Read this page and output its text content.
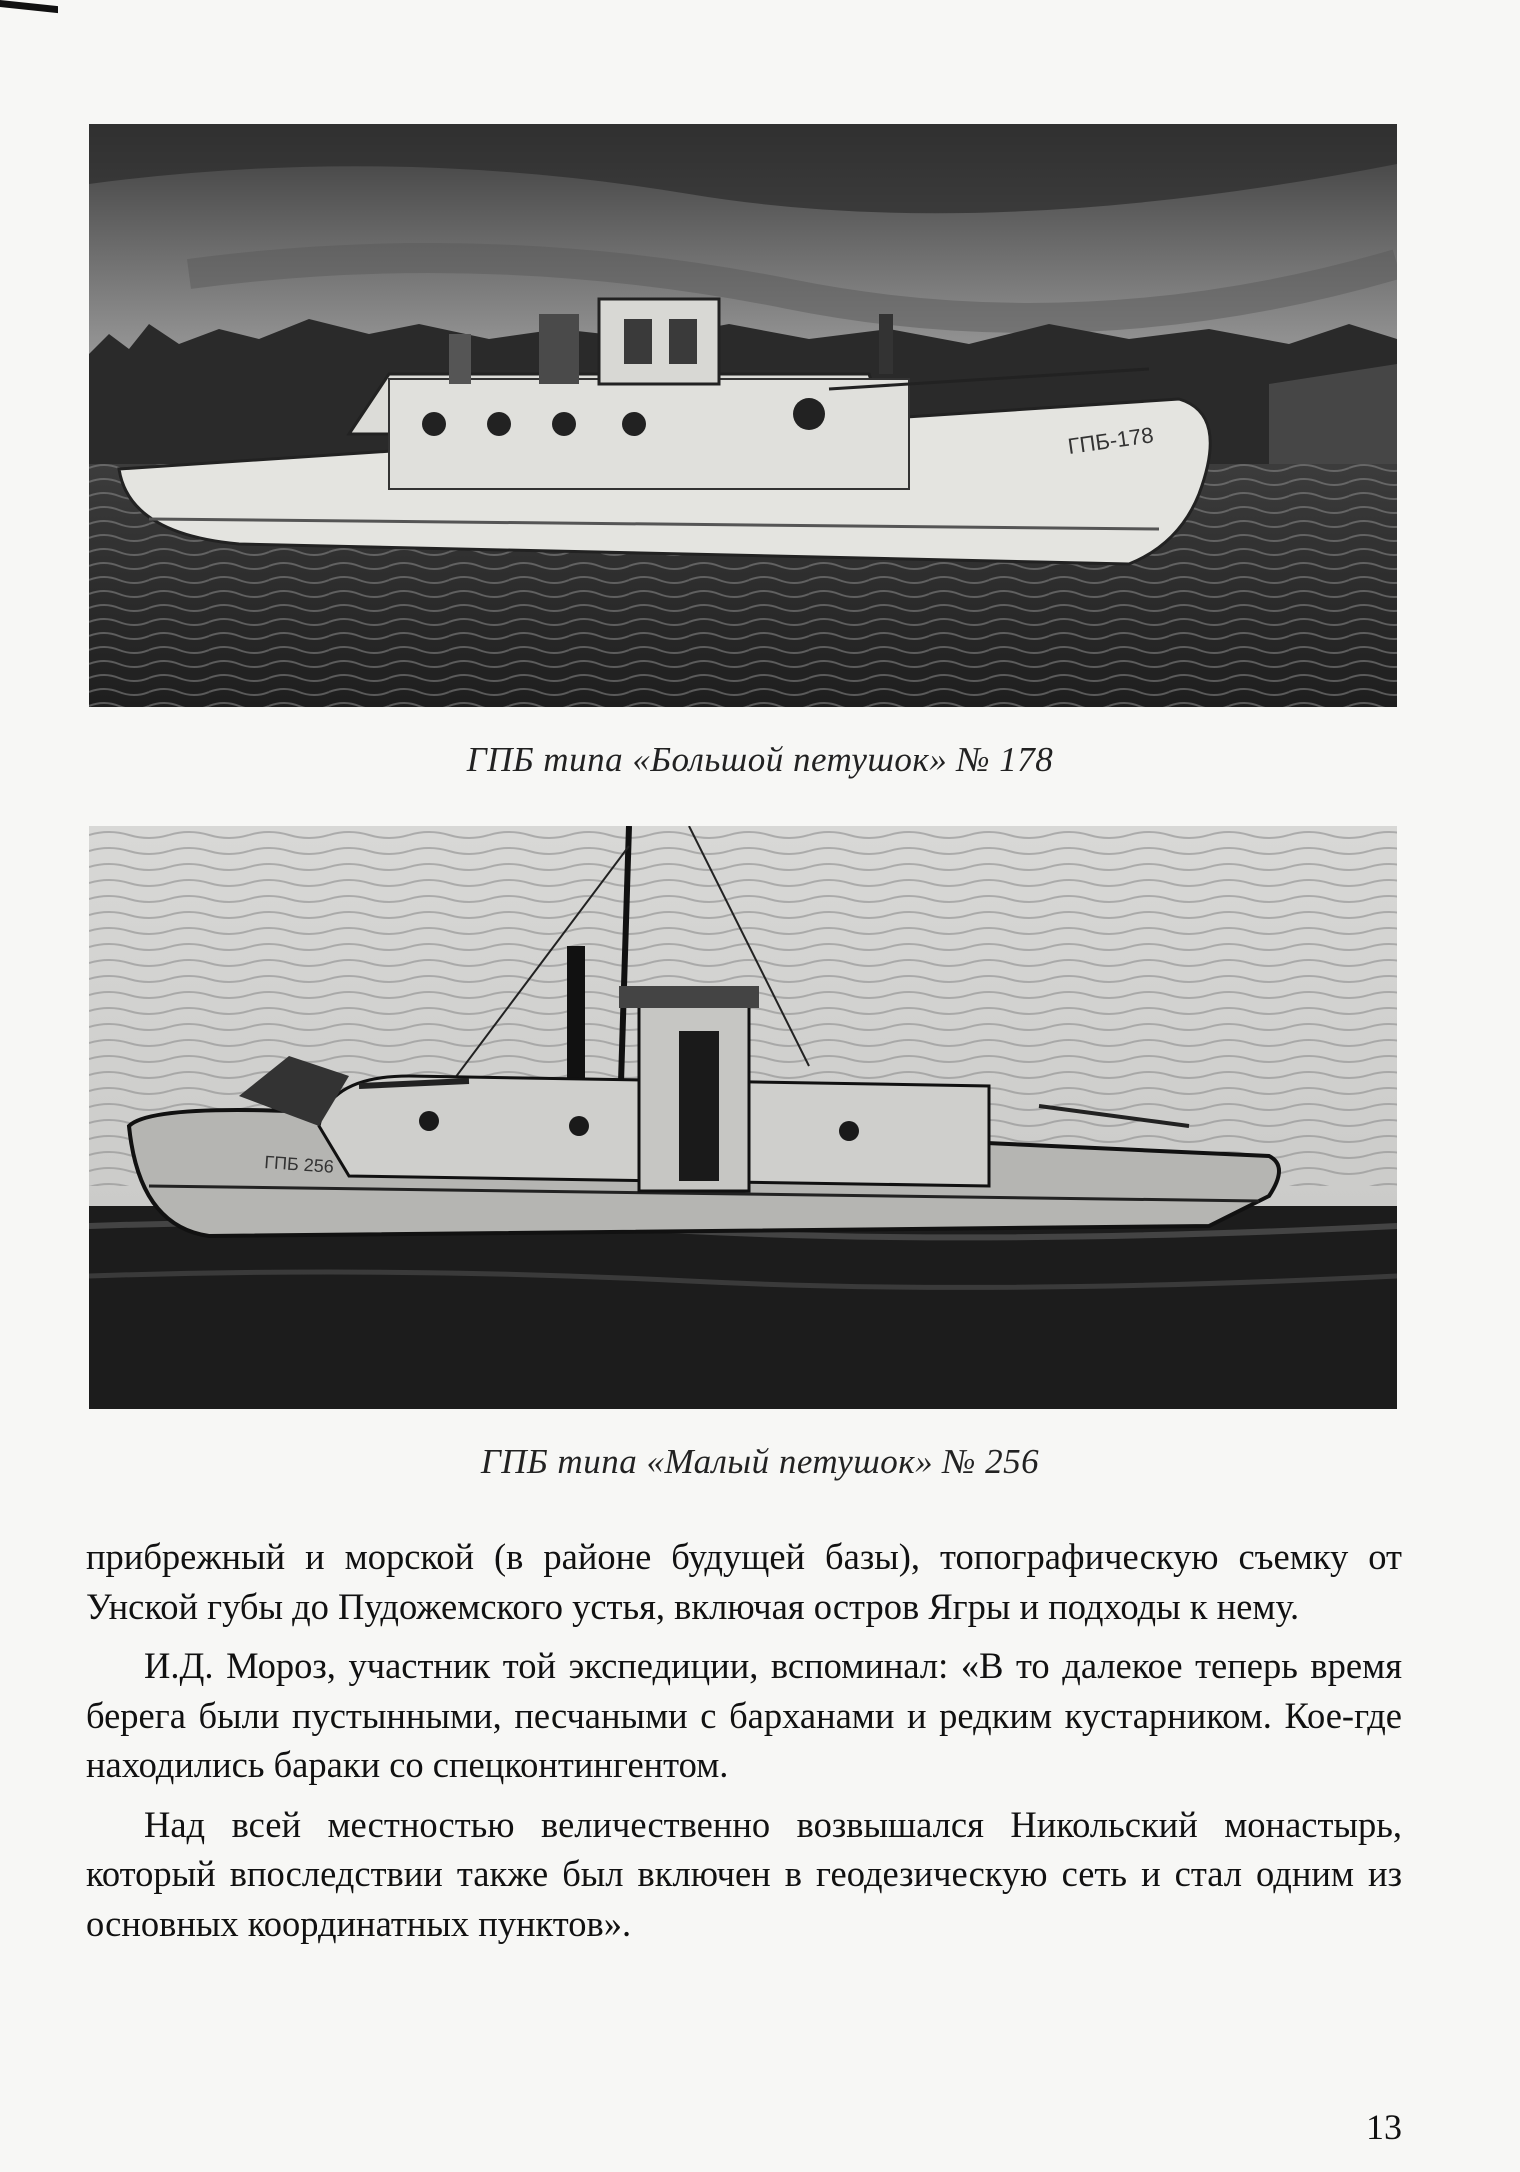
ГПБ-178
ГПБ типа «Большой петушок» № 178
ГПБ 256
ГПБ типа «Малый петушок» № 256

прибрежный и морской (в районе будущей базы), топографическую съемку от Унской губы до Пудожемского устья, включая остров Ягры и подходы к нему.

И.Д. Мороз, участник той экспедиции, вспоминал: «В то далекое теперь время берега были пустынными, песчаными с барханами и редким кустарником. Кое-где находились бараки со спецконтингентом.

Над всей местностью величественно возвышался Никольский монастырь, который впоследствии также был включен в геодезическую сеть и стал одним из основных координатных пунктов».

13
